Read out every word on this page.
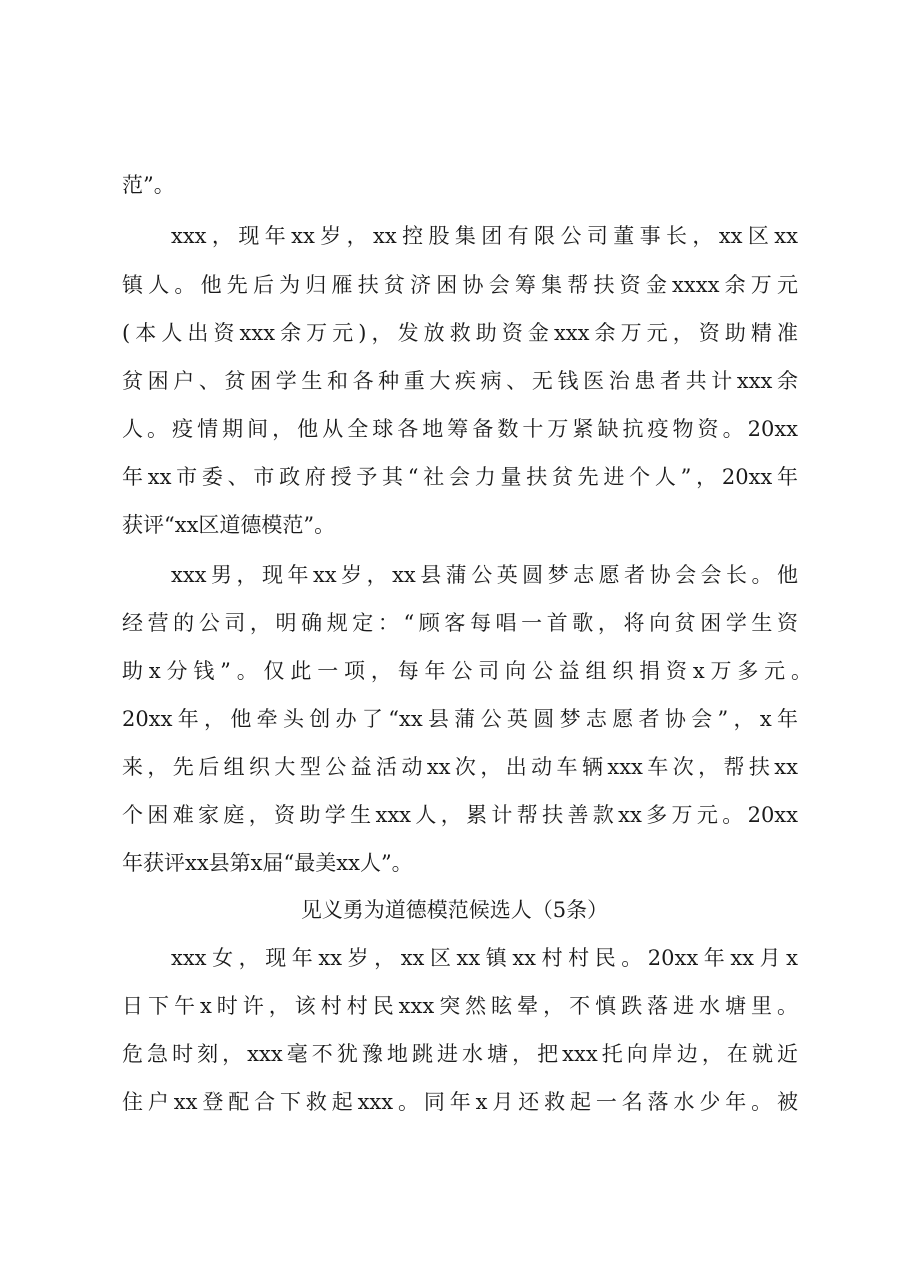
范”。
xxx，现年xx岁，xx控股集团有限公司董事长，xx区xx
镇人。他先后为归雁扶贫济困协会筹集帮扶资金xxxx余万元
(本人出资xxx余万元)，发放救助资金xxx余万元，资助精准
贫困户、贫困学生和各种重大疾病、无钱医治患者共计xxx余
人。疫情期间，他从全球各地筹备数十万紧缺抗疫物资。20xx
年xx市委、市政府授予其“社会力量扶贫先进个人”，20xx年
获评“xx区道德模范”。
xxx男，现年xx岁，xx县蒲公英圆梦志愿者协会会长。他
经营的公司，明确规定：“顾客每唱一首歌，将向贫困学生资
助x分钱”。仅此一项，每年公司向公益组织捐资x万多元。
20xx年，他牵头创办了“xx县蒲公英圆梦志愿者协会”，x年
来，先后组织大型公益活动xx次，出动车辆xxx车次，帮扶xx
个困难家庭，资助学生xxx人，累计帮扶善款xx多万元。20xx
年获评xx县第x届“最美xx人”。
见义勇为道德模范候选人（5条）
xxx女，现年xx岁，xx区xx镇xx村村民。20xx年xx月x
日下午x时许，该村村民xxx突然眩晕，不慎跌落进水塘里。
危急时刻，xxx毫不犹豫地跳进水塘，把xxx托向岸边，在就近
住户xx登配合下救起xxx。同年x月还救起一名落水少年。被
